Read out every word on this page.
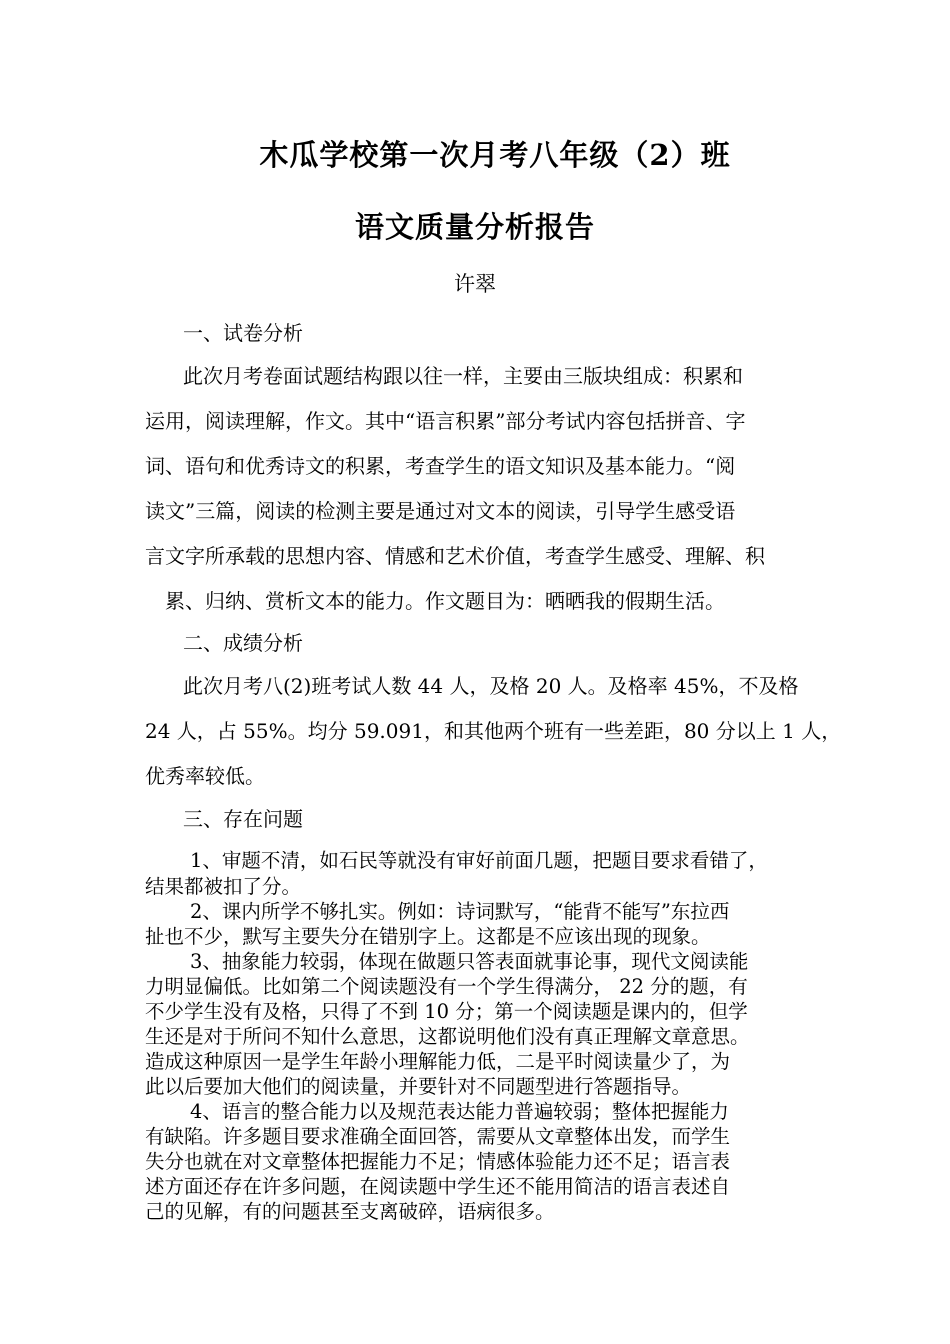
木瓜学校第一次月考八年级（2）班
语文质量分析报告
许翠
一、试卷分析
此次月考卷面试题结构跟以往一样，主要由三版块组成：积累和
运用，阅读理解，作文。其中“语言积累”部分考试内容包括拼音、字
词、语句和优秀诗文的积累，考查学生的语文知识及基本能力。“阅
读文”三篇，阅读的检测主要是通过对文本的阅读，引导学生感受语
言文字所承载的思想内容、情感和艺术价值，考查学生感受、理解、积
累、归纳、赏析文本的能力。作文题目为：晒晒我的假期生活。
二、成绩分析
此次月考八(2)班考试人数 44 人，及格 20 人。及格率 45%，不及格
24 人，占 55%。均分 59.091，和其他两个班有一些差距，80 分以上 1 人，
优秀率较低。
三、存在问题
1、审题不清，如石民等就没有审好前面几题，把题目要求看错了，
结果都被扣了分。
2、课内所学不够扎实。例如：诗词默写，“能背不能写”东拉西
扯也不少，默写主要失分在错别字上。这都是不应该出现的现象。
3、抽象能力较弱，体现在做题只答表面就事论事，现代文阅读能
力明显偏低。比如第二个阅读题没有一个学生得满分， 22 分的题，有
不少学生没有及格，只得了不到 10 分；第一个阅读题是课内的，但学
生还是对于所问不知什么意思，这都说明他们没有真正理解文章意思。
造成这种原因一是学生年龄小理解能力低，二是平时阅读量少了，为
此以后要加大他们的阅读量，并要针对不同题型进行答题指导。
4、语言的整合能力以及规范表达能力普遍较弱；整体把握能力
有缺陷。许多题目要求准确全面回答，需要从文章整体出发，而学生
失分也就在对文章整体把握能力不足；情感体验能力还不足；语言表
述方面还存在许多问题，在阅读题中学生还不能用简洁的语言表述自
己的见解，有的问题甚至支离破碎，语病很多。
